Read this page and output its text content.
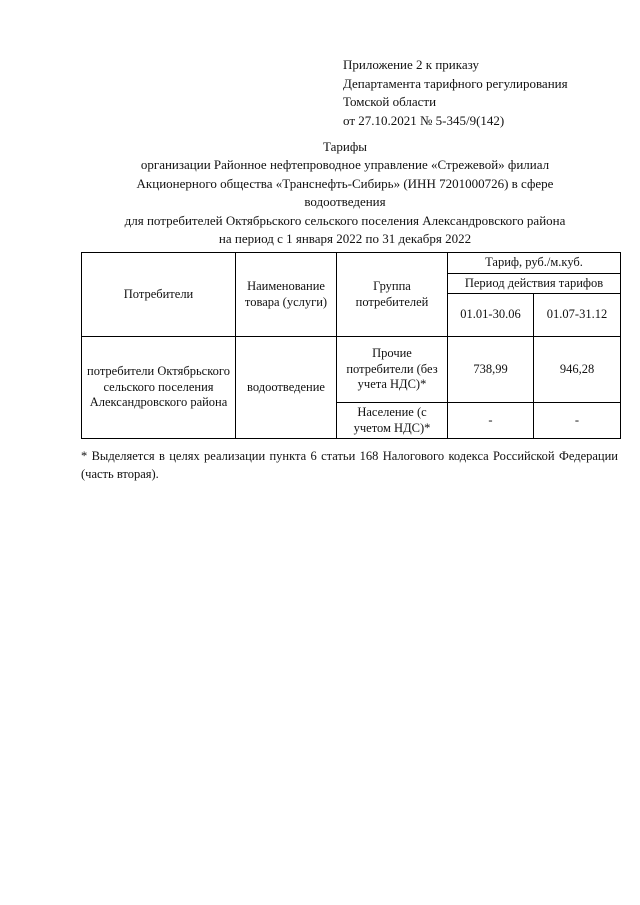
Приложение 2 к приказу
Департамента тарифного регулирования
Томской области
от 27.10.2021 № 5-345/9(142)
Тарифы
организации Районное нефтепроводное управление «Стрежевой» филиал
Акционерного общества «Транснефть-Сибирь» (ИНН 7201000726) в сфере
водоотведения
для потребителей Октябрьского сельского поселения Александровского района
на период с 1 января 2022 по 31 декабря 2022
Потребители	Наименование товара (услуги)	Группа потребителей	Тариф, руб./м.куб.	
			Период действия тарифов	
			01.01-30.06	01.07-31.12
потребители Октябрьского сельского поселения Александровского района	водоотведение	Прочие потребители (без учета НДС)*	738,99	946,28
		Население (с учетом НДС)*	-	-
* Выделяется в целях реализации пункта 6 статьи 168 Налогового кодекса Российской Федерации (часть вторая).
